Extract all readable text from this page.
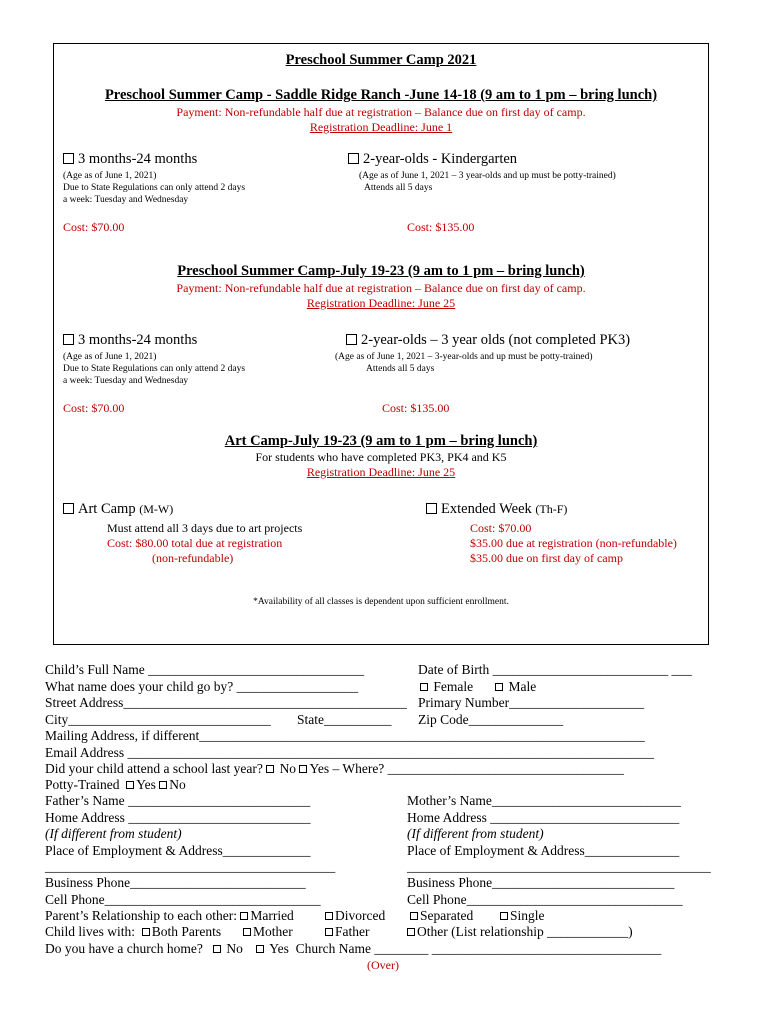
Preschool Summer Camp 2021
Preschool Summer Camp - Saddle Ridge Ranch -June 14-18 (9 am to 1 pm – bring lunch)
Payment: Non-refundable half due at registration – Balance due on first day of camp.
Registration Deadline: June 1
3 months-24 months
(Age as of June 1, 2021)
Due to State Regulations can only attend 2 days
a week: Tuesday and Wednesday
Cost: $70.00
2-year-olds - Kindergarten
(Age as of June 1, 2021 – 3 year-olds and up must be potty-trained)
Attends all 5 days
Cost: $135.00
Preschool Summer Camp-July 19-23 (9 am to 1 pm – bring lunch)
Payment: Non-refundable half due at registration – Balance due on first day of camp.
Registration Deadline: June 25
3 months-24 months
(Age as of June 1, 2021)
Due to State Regulations can only attend 2 days
a week: Tuesday and Wednesday
Cost: $70.00
2-year-olds – 3 year olds (not completed PK3)
(Age as of June 1, 2021 – 3-year-olds and up must be potty-trained)
Attends all 5 days
Cost: $135.00
Art Camp-July 19-23 (9 am to 1 pm – bring lunch)
For students who have completed PK3, PK4 and K5
Registration Deadline: June 25
Art Camp (M-W)
Must attend all 3 days due to art projects
Cost: $80.00 total due at registration
(non-refundable)
Extended Week (Th-F)
Cost: $70.00
$35.00 due at registration (non-refundable)
$35.00 due on first day of camp
*Availability of all classes is dependent upon sufficient enrollment.
Child’s Full Name ________________________________	Date of Birth __________________________ ___
What name does your child go by? __________________	Female	Male
Street Address__________________________________________ Primary Number____________________
City______________________________ State__________ Zip Code______________
Mailing Address, if different__________________________________________________________________
Email Address ______________________________________________________________________________
Did your child attend a school last year? No Yes – Where? ___________________________________
Potty-Trained Yes No
Father’s Name ___________________________	Mother’s Name____________________________
Home Address ___________________________	Home Address ____________________________
(If different from student)	(If different from student)
Place of Employment & Address_____________	Place of Employment & Address______________
___________________________________________	_____________________________________________
Business Phone__________________________	Business Phone___________________________
Cell Phone________________________________	Cell Phone________________________________
Parent’s Relationship to each other: Married	Divorced	Separated	Single
Child lives with: Both Parents	Mother	Father	Other (List relationship ____________)
Do you have a church home? No Yes Church Name ________ __________________________________
(Over)
